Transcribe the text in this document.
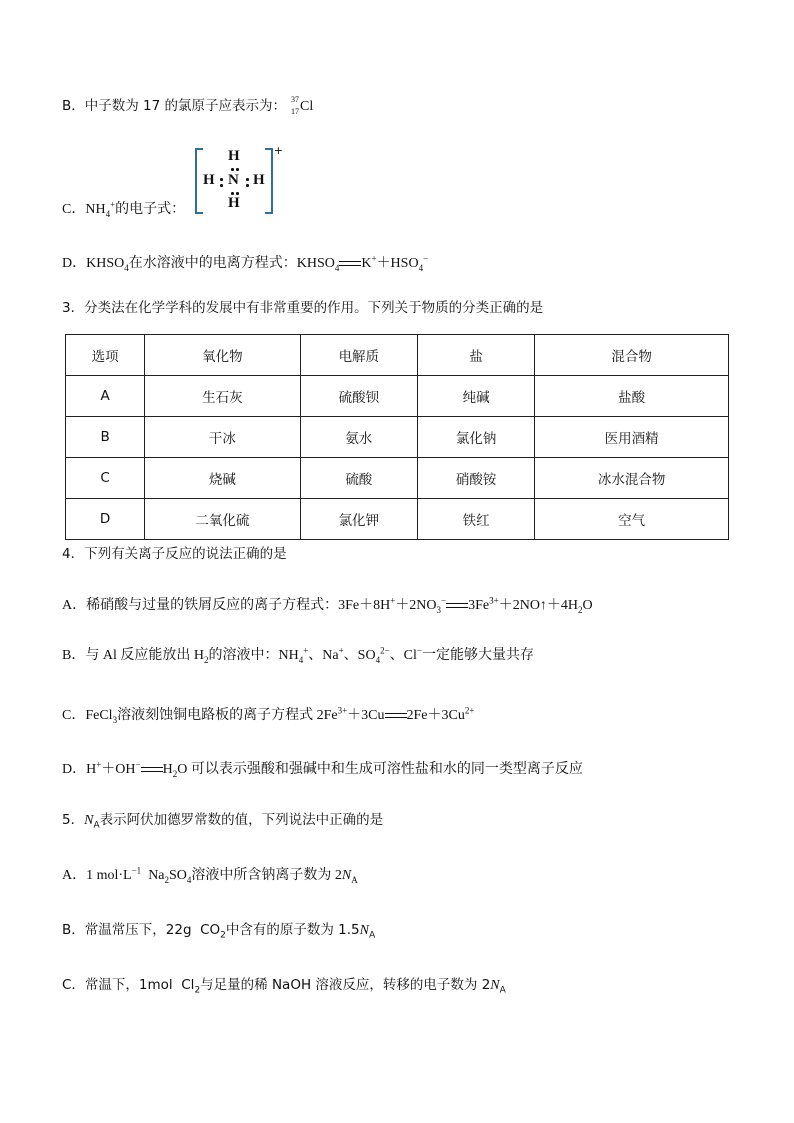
B．中子数为 17 的氯原子应表示为： 37
17 Cl
C．$NH_4^+$的电子式：
+
H
H N H
H
D．$KHSO_4$在水溶液中的电离方程式：$KHSO_4$ $K^++HSO_4^-$
3．分类法在化学学科的发展中有非常重要的作用。下列关于物质的分类正确的是
选项	氧化物	电解质	盐	混合物
A	生石灰	硫酸钡	纯碱	盐酸
B	干冰	氨水	氯化钠	医用酒精
C	烧碱	硫酸	硝酸铵	冰水混合物
D	二氧化硫	氯化钾	铁红	空气
4．下列有关离子反应的说法正确的是
A．稀硝酸与过量的铁屑反应的离子方程式：$3Fe+8H^++2NO_3^-$ $3Fe^{3+}+2NO↑+4H_2O$
B．与 Al 反应能放出 $H_2$的溶液中：$NH_4^+$、Na+、$SO_4^{2-}$、Cl−一定能够大量共存
C．FeCl$_3$溶液刻蚀铜电路板的离子方程式 $2Fe^{3+}+3Cu$ $2Fe+3Cu^{2+}$
D．H+＋OH− $H_2O$ 可以表示强酸和强碱中和生成可溶性盐和水的同一类型离子反应
5．$N_A$表示阿伏加德罗常数的值，下列说法中正确的是
A．1 $mol\cdot L^{-1}$  $Na_2SO_4$溶液中所含钠离子数为 $2N_A$
B．常温常压下，22g  $CO_2$中含有的原子数为 $1.5N_A$
C．常温下，1mol  $Cl_2$与足量的稀 NaOH 溶液反应，转移的电子数为 $2N_A$
